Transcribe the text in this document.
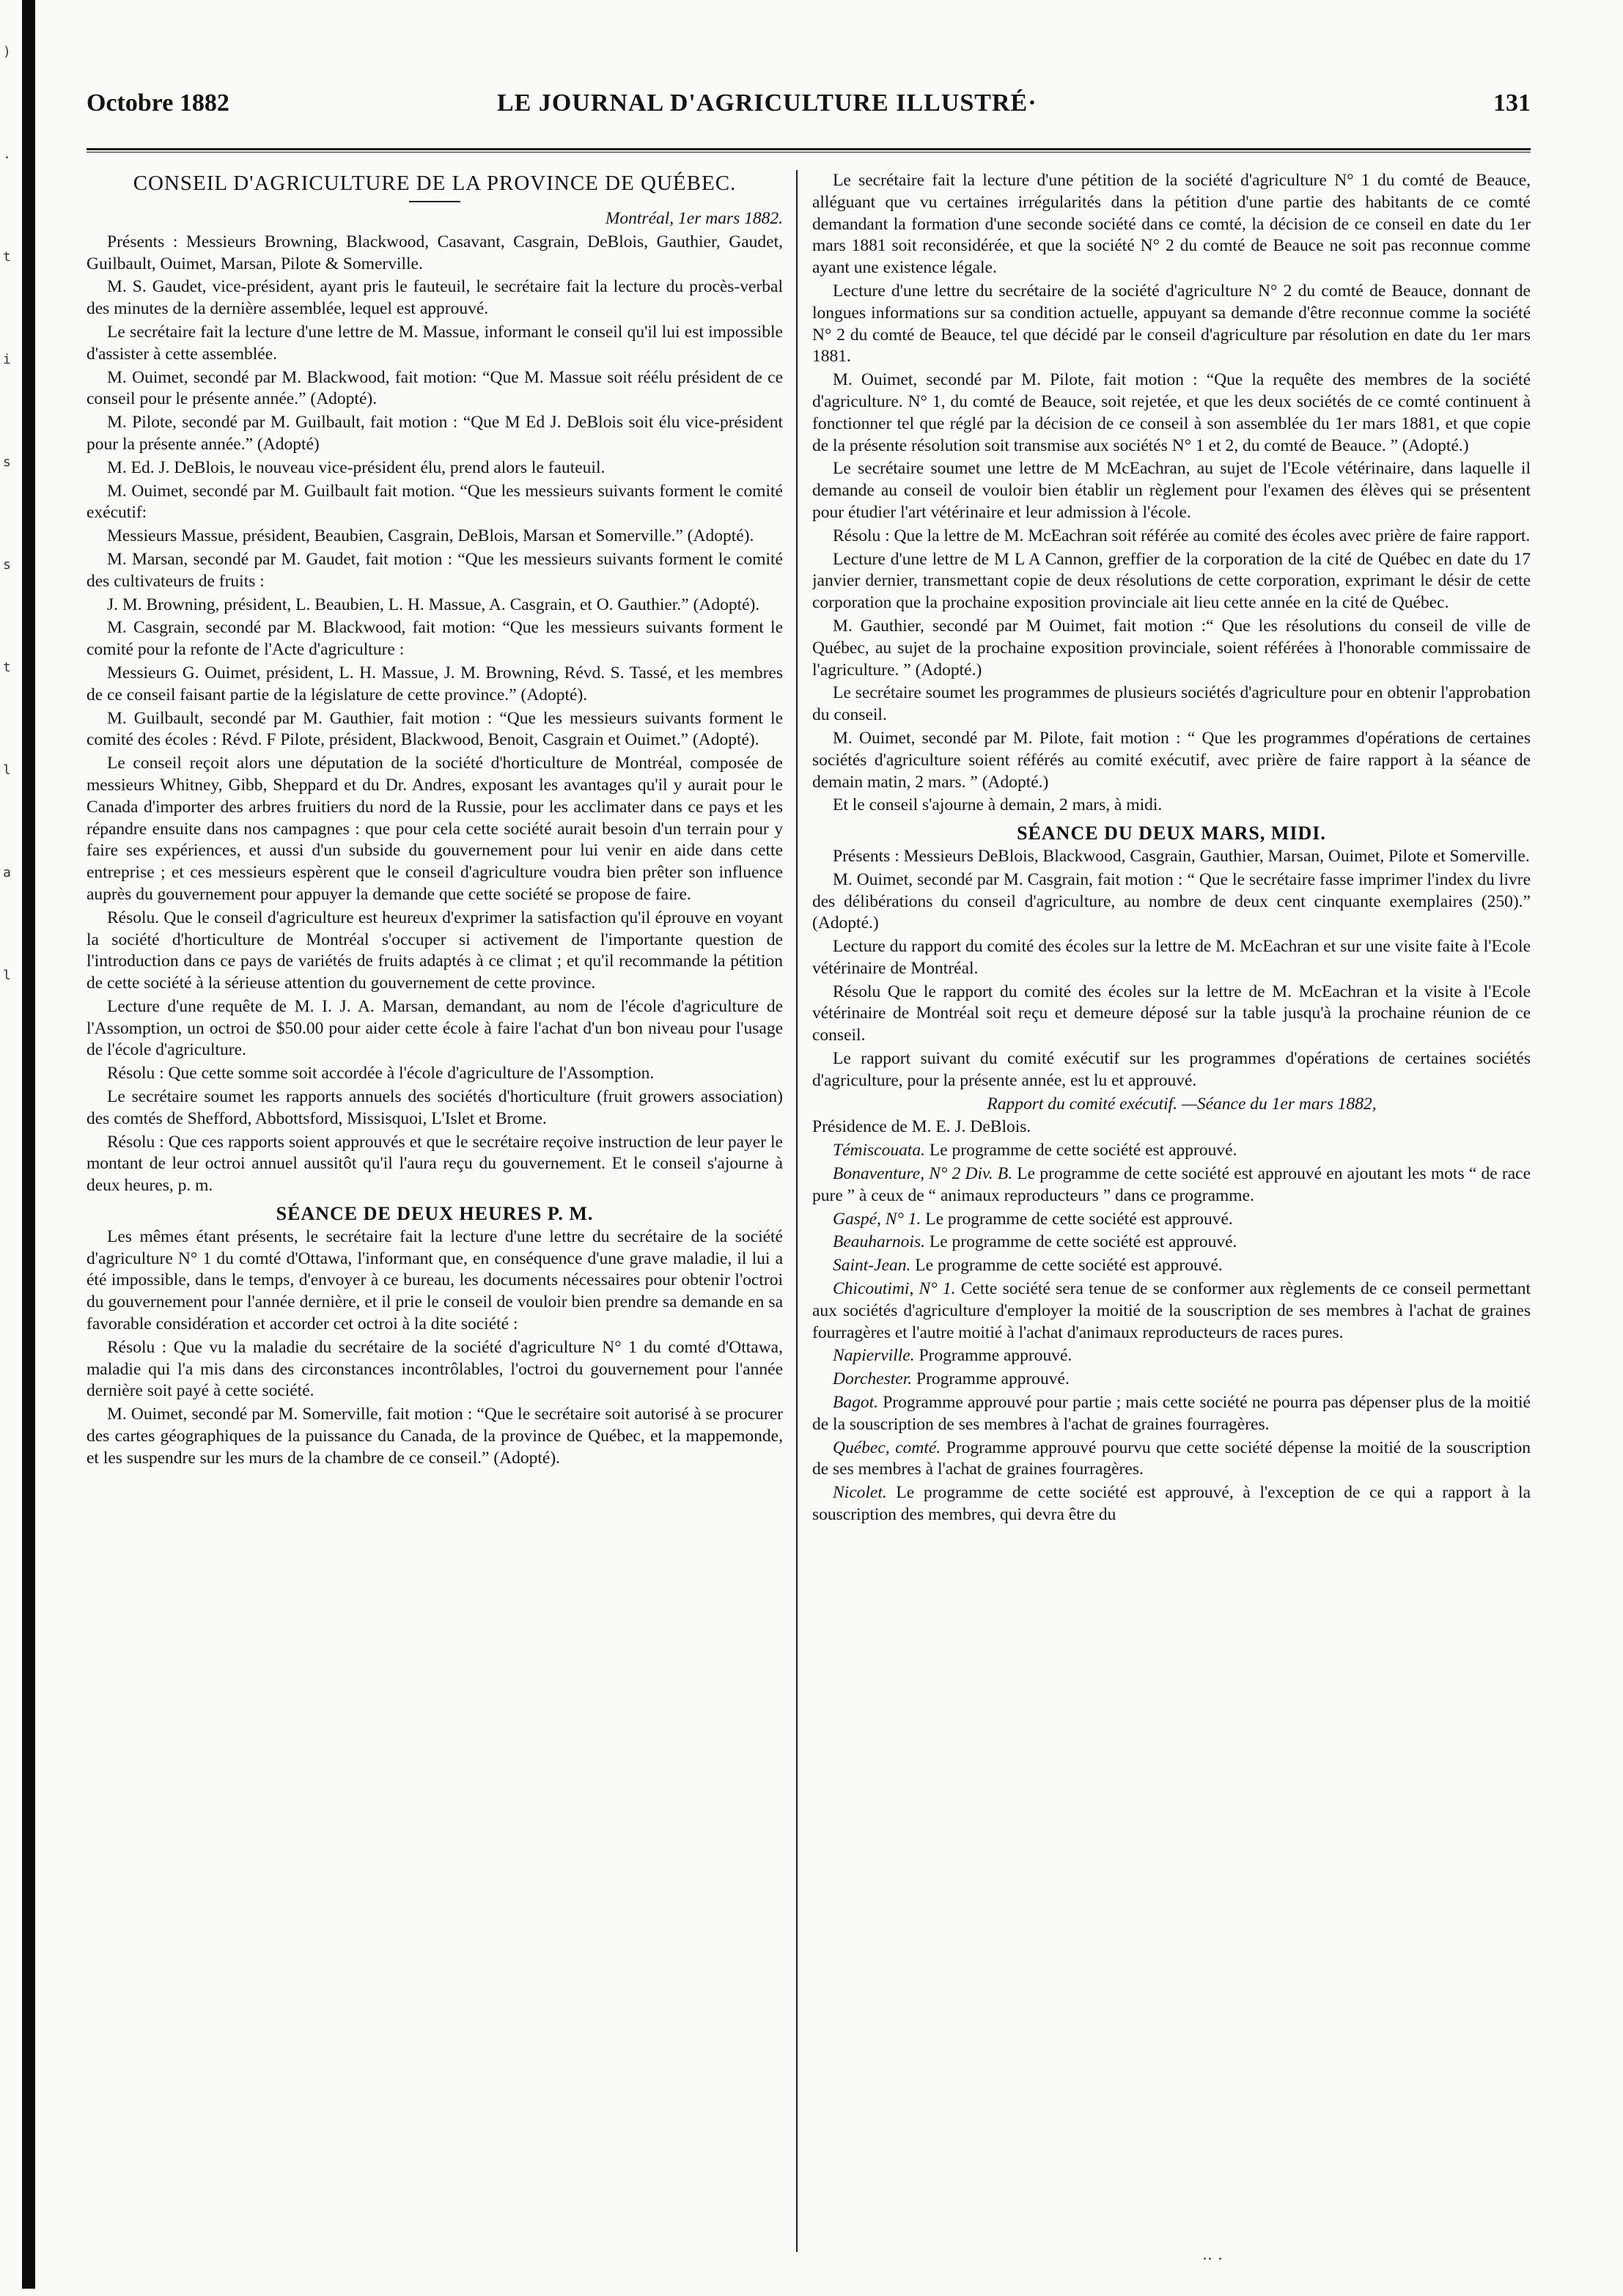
)
.
t
i
s
s
t
l
a
l
Octobre 1882	LE JOURNAL D'AGRICULTURE ILLUSTRÉ·	131
CONSEIL D'AGRICULTURE DE LA PROVINCE DE QUÉBEC.

Montréal, 1er mars 1882.

Présents : Messieurs Browning, Blackwood, Casavant, Casgrain, DeBlois, Gauthier, Gaudet, Guilbault, Ouimet, Marsan, Pilote & Somerville.

M. S. Gaudet, vice-président, ayant pris le fauteuil, le secrétaire fait la lecture du procès-verbal des minutes de la dernière assemblée, lequel est approuvé.

Le secrétaire fait la lecture d'une lettre de M. Massue, informant le conseil qu'il lui est impossible d'assister à cette assemblée.

M. Ouimet, secondé par M. Blackwood, fait motion: “Que M. Massue soit réélu président de ce conseil pour le présente année.” (Adopté).

M. Pilote, secondé par M. Guilbault, fait motion : “Que M Ed J. DeBlois soit élu vice-président pour la présente année.” (Adopté)

M. Ed. J. DeBlois, le nouveau vice-président élu, prend alors le fauteuil.

M. Ouimet, secondé par M. Guilbault fait motion. “Que les messieurs suivants forment le comité exécutif:

Messieurs Massue, président, Beaubien, Casgrain, DeBlois, Marsan et Somerville.” (Adopté).

M. Marsan, secondé par M. Gaudet, fait motion : “Que les messieurs suivants forment le comité des cultivateurs de fruits :

J. M. Browning, président, L. Beaubien, L. H. Massue, A. Casgrain, et O. Gauthier.” (Adopté).

M. Casgrain, secondé par M. Blackwood, fait motion: “Que les messieurs suivants forment le comité pour la refonte de l'Acte d'agriculture :

Messieurs G. Ouimet, président, L. H. Massue, J. M. Browning, Révd. S. Tassé, et les membres de ce conseil faisant partie de la législature de cette province.” (Adopté).

M. Guilbault, secondé par M. Gauthier, fait motion : “Que les messieurs suivants forment le comité des écoles : Révd. F Pilote, président, Blackwood, Benoit, Casgrain et Ouimet.” (Adopté).

Le conseil reçoit alors une députation de la société d'horticulture de Montréal, composée de messieurs Whitney, Gibb, Sheppard et du Dr. Andres, exposant les avantages qu'il y aurait pour le Canada d'importer des arbres fruitiers du nord de la Russie, pour les acclimater dans ce pays et les répandre ensuite dans nos campagnes : que pour cela cette société aurait besoin d'un terrain pour y faire ses expériences, et aussi d'un subside du gouvernement pour lui venir en aide dans cette entreprise ; et ces messieurs espèrent que le conseil d'agriculture voudra bien prêter son influence auprès du gouvernement pour appuyer la demande que cette société se propose de faire.

Résolu. Que le conseil d'agriculture est heureux d'exprimer la satisfaction qu'il éprouve en voyant la société d'horticulture de Montréal s'occuper si activement de l'importante question de l'introduction dans ce pays de variétés de fruits adaptés à ce climat ; et qu'il recommande la pétition de cette société à la sérieuse attention du gouvernement de cette province.

Lecture d'une requête de M. I. J. A. Marsan, demandant, au nom de l'école d'agriculture de l'Assomption, un octroi de $50.00 pour aider cette école à faire l'achat d'un bon niveau pour l'usage de l'école d'agriculture.

Résolu : Que cette somme soit accordée à l'école d'agriculture de l'Assomption.

Le secrétaire soumet les rapports annuels des sociétés d'horticulture (fruit growers association) des comtés de Shefford, Abbottsford, Missisquoi, L'Islet et Brome.

Résolu : Que ces rapports soient approuvés et que le secrétaire reçoive instruction de leur payer le montant de leur octroi annuel aussitôt qu'il l'aura reçu du gouvernement. Et le conseil s'ajourne à deux heures, p. m.

SÉANCE DE DEUX HEURES P. M.

Les mêmes étant présents, le secrétaire fait la lecture d'une lettre du secrétaire de la société d'agriculture N° 1 du comté d'Ottawa, l'informant que, en conséquence d'une grave maladie, il lui a été impossible, dans le temps, d'envoyer à ce bureau, les documents nécessaires pour obtenir l'octroi du gouvernement pour l'année dernière, et il prie le conseil de vouloir bien prendre sa demande en sa favorable considération et accorder cet octroi à la dite société :

Résolu : Que vu la maladie du secrétaire de la société d'agriculture N° 1 du comté d'Ottawa, maladie qui l'a mis dans des circonstances incontrôlables, l'octroi du gouvernement pour l'année dernière soit payé à cette société.

M. Ouimet, secondé par M. Somerville, fait motion : “Que le secrétaire soit autorisé à se procurer des cartes géographiques de la puissance du Canada, de la province de Québec, et la mappemonde, et les suspendre sur les murs de la chambre de ce conseil.” (Adopté).

Le secrétaire fait la lecture d'une pétition de la société d'agriculture N° 1 du comté de Beauce, alléguant que vu certaines irrégularités dans la pétition d'une partie des habitants de ce comté demandant la formation d'une seconde société dans ce comté, la décision de ce conseil en date du 1er mars 1881 soit reconsidérée, et que la société N° 2 du comté de Beauce ne soit pas reconnue comme ayant une existence légale.

Lecture d'une lettre du secrétaire de la société d'agriculture N° 2 du comté de Beauce, donnant de longues informations sur sa condition actuelle, appuyant sa demande d'être reconnue comme la société N° 2 du comté de Beauce, tel que décidé par le conseil d'agriculture par résolution en date du 1er mars 1881.

M. Ouimet, secondé par M. Pilote, fait motion : “Que la requête des membres de la société d'agriculture. N° 1, du comté de Beauce, soit rejetée, et que les deux sociétés de ce comté continuent à fonctionner tel que réglé par la décision de ce conseil à son assemblée du 1er mars 1881, et que copie de la présente résolution soit transmise aux sociétés N° 1 et 2, du comté de Beauce. ” (Adopté.)

Le secrétaire soumet une lettre de M McEachran, au sujet de l'Ecole vétérinaire, dans laquelle il demande au conseil de vouloir bien établir un règlement pour l'examen des élèves qui se présentent pour étudier l'art vétérinaire et leur admission à l'école.

Résolu : Que la lettre de M. McEachran soit référée au comité des écoles avec prière de faire rapport.

Lecture d'une lettre de M L A Cannon, greffier de la corporation de la cité de Québec en date du 17 janvier dernier, transmettant copie de deux résolutions de cette corporation, exprimant le désir de cette corporation que la prochaine exposition provinciale ait lieu cette année en la cité de Québec.

M. Gauthier, secondé par M Ouimet, fait motion :“ Que les résolutions du conseil de ville de Québec, au sujet de la prochaine exposition provinciale, soient référées à l'honorable commissaire de l'agriculture. ” (Adopté.)

Le secrétaire soumet les programmes de plusieurs sociétés d'agriculture pour en obtenir l'approbation du conseil.

M. Ouimet, secondé par M. Pilote, fait motion : “ Que les programmes d'opérations de certaines sociétés d'agriculture soient référés au comité exécutif, avec prière de faire rapport à la séance de demain matin, 2 mars. ” (Adopté.)

Et le conseil s'ajourne à demain, 2 mars, à midi.

SÉANCE DU DEUX MARS, MIDI.

Présents : Messieurs DeBlois, Blackwood, Casgrain, Gauthier, Marsan, Ouimet, Pilote et Somerville.

M. Ouimet, secondé par M. Casgrain, fait motion : “ Que le secrétaire fasse imprimer l'index du livre des délibérations du conseil d'agriculture, au nombre de deux cent cinquante exemplaires (250).” (Adopté.)

Lecture du rapport du comité des écoles sur la lettre de M. McEachran et sur une visite faite à l'Ecole vétérinaire de Montréal.

Résolu Que le rapport du comité des écoles sur la lettre de M. McEachran et la visite à l'Ecole vétérinaire de Montréal soit reçu et demeure déposé sur la table jusqu'à la prochaine réunion de ce conseil.

Le rapport suivant du comité exécutif sur les programmes d'opérations de certaines sociétés d'agriculture, pour la présente année, est lu et approuvé.

Rapport du comité exécutif. —Séance du 1er mars 1882,

Présidence de M. E. J. DeBlois.

Témiscouata. Le programme de cette société est approuvé.

Bonaventure, N° 2 Div. B. Le programme de cette société est approuvé en ajoutant les mots “ de race pure ” à ceux de “ animaux reproducteurs ” dans ce programme.

Gaspé, N° 1. Le programme de cette société est approuvé.

Beauharnois. Le programme de cette société est approuvé.

Saint-Jean. Le programme de cette société est approuvé.

Chicoutimi, N° 1. Cette société sera tenue de se conformer aux règlements de ce conseil permettant aux sociétés d'agriculture d'employer la moitié de la souscription de ses membres à l'achat de graines fourragères et l'autre moitié à l'achat d'animaux reproducteurs de races pures.

Napierville. Programme approuvé.

Dorchester. Programme approuvé.

Bagot. Programme approuvé pour partie ; mais cette société ne pourra pas dépenser plus de la moitié de la souscription de ses membres à l'achat de graines fourragères.

Québec, comté. Programme approuvé pourvu que cette société dépense la moitié de la souscription de ses membres à l'achat de graines fourragères.

Nicolet. Le programme de cette société est approuvé, à l'exception de ce qui a rapport à la souscription des membres, qui devra être du

·· ·
